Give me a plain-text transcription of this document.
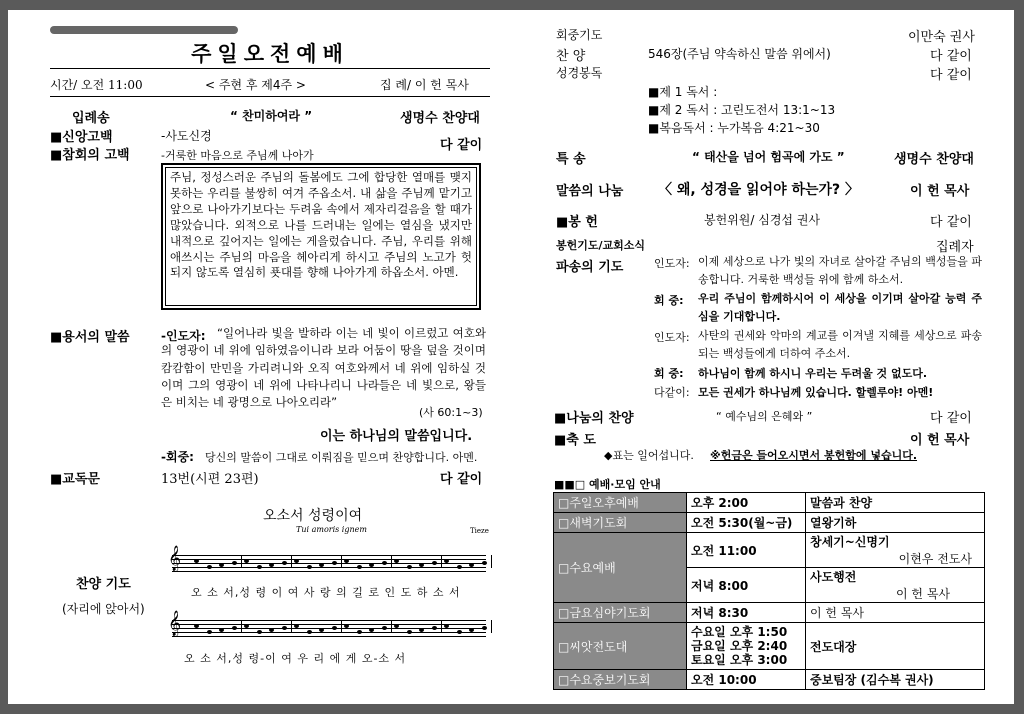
주일오전예배
시간/ 오전 11:00	< 주현 후 제4주 >	집 례/ 이 헌 목사
입례송	“ 찬미하여라 ”	생명수 찬양대
■신앙고백	-사도신경
다 같이
■참회의 고백	-거룩한 마음으로 주님께 나아가
주님, 정성스러운 주님의 돌봄에도 그에 합당한 열매를 맺지 못하는 우리를 불쌍히 여겨 주옵소서. 내 삶을 주님께 맡기고 앞으로 나아가기보다는 두려움 속에서 제자리걸음을 할 때가 많았습니다. 외적으로 나를 드러내는 일에는 열심을 냈지만 내적으로 깊어지는 일에는 게을렀습니다. 주님, 우리를 위해 애쓰시는 주님의 마음을 헤아리게 하시고 주님의 노고가 헛되지 않도록 열심히 푯대를 향해 나아가게 하옵소서. 아멘.
■용서의 말씀	-인도자: “일어나라 빛을 발하라 이는 네 빛이 이르렀고 여호와의 영광이 네 위에 임하였음이니라 보라 어둠이 땅을 덮을 것이며 캄캄함이 만민을 가리려니와 오직 여호와께서 네 위에 임하실 것이며 그의 영광이 네 위에 나타나리니 나라들은 네 빛으로, 왕들은 비치는 네 광명으로 나아오리라”
(사 60:1~3)
이는 하나님의 말씀입니다.
-회중: 당신의 말씀이 그대로 이뤄짐을 믿으며 찬양합니다. 아멘.
■교독문	13번(시편 23편)	다 같이
오소서 성령이여
Tui amoris ignem	Tieze
𝄞
오 소 서,성 령 이 여 사 랑 의 길 로 인 도 하 소 서
찬양 기도
(자리에 앉아서)
𝄞
오 소 서,성 령-이 여 우 리 에 게 오-소 서
회중기도	이만숙 권사
찬 양	546장(주님 약속하신 말씀 위에서)	다 같이
성경봉독	다 같이
■제 1 독서 :
■제 2 독서 : 고린도전서 13:1~13
■복음독서 : 누가복음 4:21~30
특 송	“ 태산을 넘어 험곡에 가도 ”	생명수 찬양대
말씀의 나눔 〈 왜, 성경을 읽어야 하는가? 〉	이 헌 목사
■봉 헌	봉헌위원/ 심경섭 권사	다 같이
봉헌기도/교회소식	집례자
파송의 기도	인도자: 이제 세상으로 나가 빛의 자녀로 살아갈 주님의 백성들을 파송합니다. 거룩한 백성들 위에 함께 하소서.
회 중: 우리 주님이 함께하시어 이 세상을 이기며 살아갈 능력 주심을 기대합니다.
인도자: 사탄의 권세와 악마의 계교를 이겨낼 지혜를 세상으로 파송되는 백성들에게 더하여 주소서.
회 중: 하나님이 함께 하시니 우리는 두려울 것 없도다.
다같이: 모든 권세가 하나님께 있습니다. 할렐루야! 아멘!
■나눔의 찬양	“ 예수님의 은혜와 ”	다 같이
■축 도	이 헌 목사
◆표는 일어섭니다. ※헌금은 들어오시면서 봉헌함에 넣습니다.
■■□ 예배·모임 안내
□주일오후예배	오후 2:00	말씀과 찬양
□새벽기도회	오전 5:30(월~금)	열왕기하
□수요예배	오전 11:00	창세기~신명기
이현우 전도사

	저녁 8:00	사도행전
이 헌 목사

□금요심야기도회	저녁 8:30	이 헌 목사
□씨앗전도대	수요일 오후 1:50
금요일 오후 2:40
토요일 오후 3:00	전도대장
□수요중보기도회	오전 10:00	중보팀장 (김수복 권사)
